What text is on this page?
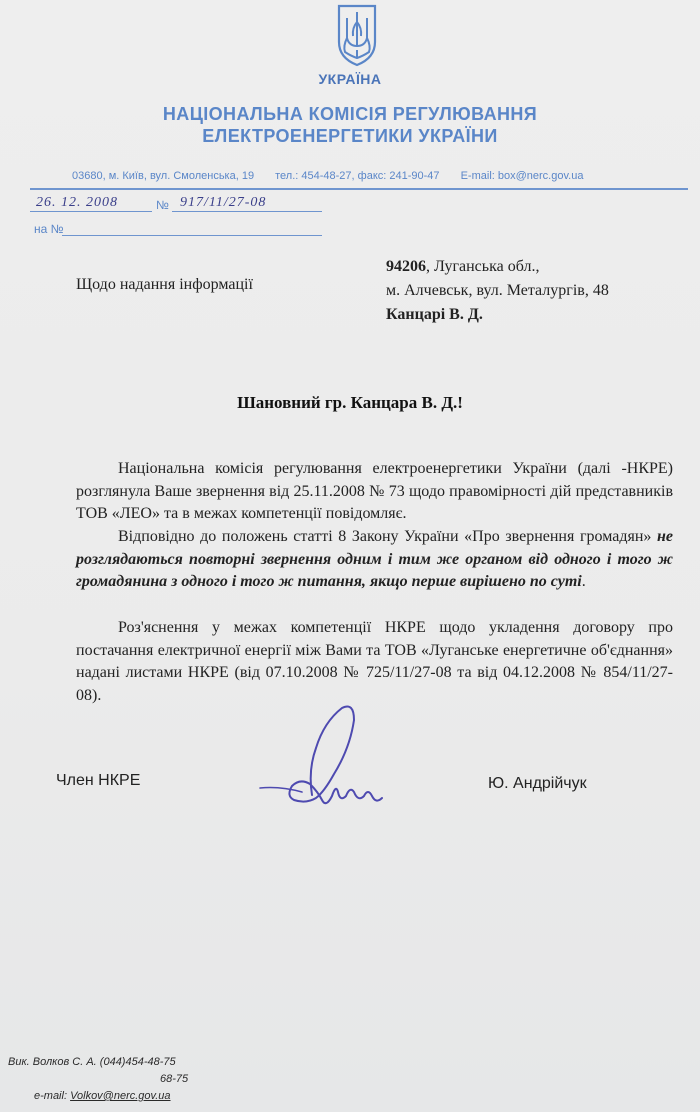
УКРАЇНА
НАЦІОНАЛЬНА КОМІСІЯ РЕГУЛЮВАННЯ
ЕЛЕКТРОЕНЕРГЕТИКИ УКРАЇНИ
03680, м. Київ, вул. Смоленська, 19 тел.: 454-48-27, факс: 241-90-47 E-mail: box@nerc.gov.ua
26. 12. 2008	№ 917/11/27-08
на №
Щодо надання інформації
94206, Луганська обл.,
м. Алчевськ, вул. Металургів, 48
Канцарі В. Д.
Шановний гр. Канцара В. Д.!
Національна комісія регулювання електроенергетики України (далі -НКРЕ) розглянула Ваше звернення від 25.11.2008 № 73 щодо правомірності дій представників ТОВ «ЛЕО» та в межах компетенції повідомляє.
Відповідно до положень статті 8 Закону України «Про звернення громадян» не розглядаються повторні звернення одним і тим же органом від одного і того ж громадянина з одного і того ж питання, якщо перше вирішено по суті.
Роз'яснення у межах компетенції НКРЕ щодо укладення договору про постачання електричної енергії між Вами та ТОВ «Луганське енергетичне об'єднання» надані листами НКРЕ (від 07.10.2008 № 725/11/27-08 та від 04.12.2008 № 854/11/27-08).
Член НКРЕ	Ю. Андрійчук
Вик. Волков С. А. (044)454-48-75
68-75
e-mail: Volkov@nerc.gov.ua
